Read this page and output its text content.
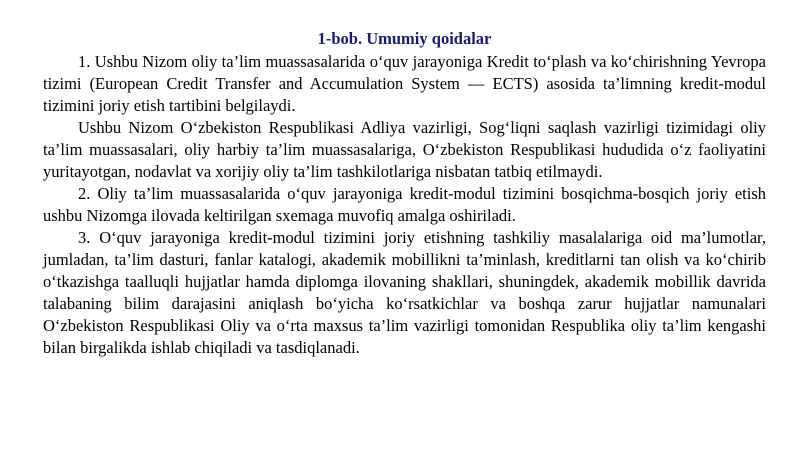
1-bob. Umumiy qoidalar

1. Ushbu Nizom oliy ta’lim muassasalarida o‘quv jarayoniga Kredit to‘plash va ko‘chirishning Yevropa tizimi (European Credit Transfer and Accumulation System — ECTS) asosida ta’limning kredit-modul tizimini joriy etish tartibini belgilaydi.

Ushbu Nizom O‘zbekiston Respublikasi Adliya vazirligi, Sog‘liqni saqlash vazirligi tizimidagi oliy ta’lim muassasalari, oliy harbiy ta’lim muassasalariga, O‘zbekiston Respublikasi hududida o‘z faoliyatini yuritayotgan, nodavlat va xorijiy oliy ta’lim tashkilotlariga nisbatan tatbiq etilmaydi.

2. Oliy ta’lim muassasalarida o‘quv jarayoniga kredit-modul tizimini bosqichma-bosqich joriy etish ushbu Nizomga ilovada keltirilgan sxemaga muvofiq amalga oshiriladi.

3. O‘quv jarayoniga kredit-modul tizimini joriy etishning tashkiliy masalalariga oid ma’lumotlar, jumladan, ta’lim dasturi, fanlar katalogi, akademik mobillikni ta’minlash, kreditlarni tan olish va ko‘chirib o‘tkazishga taalluqli hujjatlar hamda diplomga ilovaning shakllari, shuningdek, akademik mobillik davrida talabaning bilim darajasini aniqlash bo‘yicha ko‘rsatkichlar va boshqa zarur hujjatlar namunalari O‘zbekiston Respublikasi Oliy va o‘rta maxsus ta’lim vazirligi tomonidan Respublika oliy ta’lim kengashi bilan birgalikda ishlab chiqiladi va tasdiqlanadi.
